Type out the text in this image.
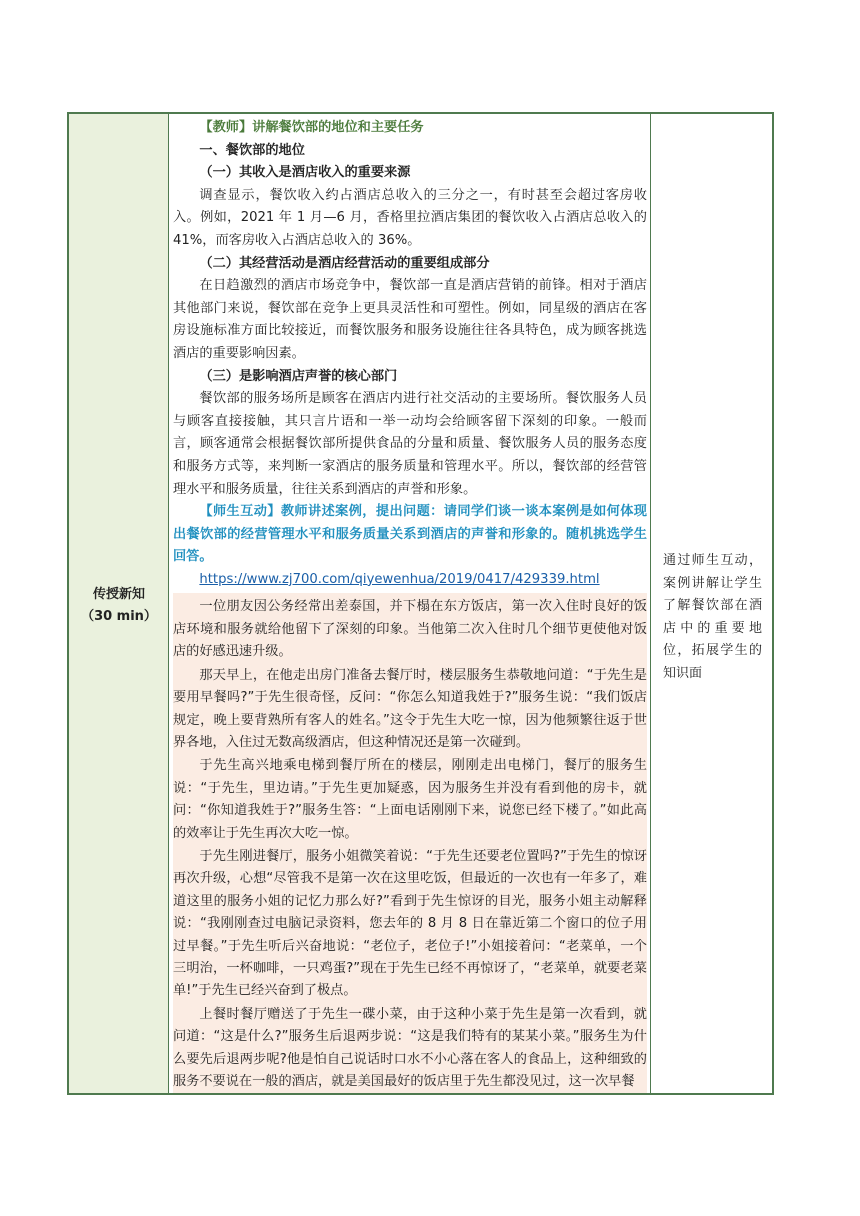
传授新知
（30 min）

【教师】讲解餐饮部的地位和主要任务

一、餐饮部的地位

（一）其收入是酒店收入的重要来源

调查显示，餐饮收入约占酒店总收入的三分之一，有时甚至会超过客房收入。例如，2021 年 1 月—6 月，香格里拉酒店集团的餐饮收入占酒店总收入的 41%，而客房收入占酒店总收入的 36%。

（二）其经营活动是酒店经营活动的重要组成部分

在日趋激烈的酒店市场竞争中，餐饮部一直是酒店营销的前锋。相对于酒店其他部门来说，餐饮部在竞争上更具灵活性和可塑性。例如，同星级的酒店在客房设施标准方面比较接近，而餐饮服务和服务设施往往各具特色，成为顾客挑选酒店的重要影响因素。

（三）是影响酒店声誉的核心部门

餐饮部的服务场所是顾客在酒店内进行社交活动的主要场所。餐饮服务人员与顾客直接接触，其只言片语和一举一动均会给顾客留下深刻的印象。一般而言，顾客通常会根据餐饮部所提供食品的分量和质量、餐饮服务人员的服务态度和服务方式等，来判断一家酒店的服务质量和管理水平。所以，餐饮部的经营管理水平和服务质量，往往关系到酒店的声誉和形象。

【师生互动】教师讲述案例，提出问题：请同学们谈一谈本案例是如何体现出餐饮部的经营管理水平和服务质量关系到酒店的声誉和形象的。随机挑选学生回答。

https://www.zj700.com/qiyewenhua/2019/0417/429339.html

一位朋友因公务经常出差泰国，并下榻在东方饭店，第一次入住时良好的饭店环境和服务就给他留下了深刻的印象。当他第二次入住时几个细节更使他对饭店的好感迅速升级。

那天早上，在他走出房门准备去餐厅时，楼层服务生恭敬地问道：“于先生是要用早餐吗?”于先生很奇怪，反问：“你怎么知道我姓于?”服务生说：“我们饭店规定，晚上要背熟所有客人的姓名。”这令于先生大吃一惊，因为他频繁往返于世界各地，入住过无数高级酒店，但这种情况还是第一次碰到。

于先生高兴地乘电梯到餐厅所在的楼层，刚刚走出电梯门，餐厅的服务生说：“于先生，里边请。”于先生更加疑惑，因为服务生并没有看到他的房卡，就问：“你知道我姓于?”服务生答：“上面电话刚刚下来，说您已经下楼了。”如此高的效率让于先生再次大吃一惊。

于先生刚进餐厅，服务小姐微笑着说：“于先生还要老位置吗?”于先生的惊讶再次升级，心想“尽管我不是第一次在这里吃饭，但最近的一次也有一年多了，难道这里的服务小姐的记忆力那么好?”看到于先生惊讶的目光，服务小姐主动解释说：“我刚刚查过电脑记录资料，您去年的 8 月 8 日在靠近第二个窗口的位子用过早餐。”于先生听后兴奋地说：“老位子，老位子!”小姐接着问：“老菜单，一个三明治，一杯咖啡，一只鸡蛋?”现在于先生已经不再惊讶了，“老菜单，就要老菜单!”于先生已经兴奋到了极点。

上餐时餐厅赠送了于先生一碟小菜，由于这种小菜于先生是第一次看到，就问道：“这是什么?”服务生后退两步说：“这是我们特有的某某小菜。”服务生为什么要先后退两步呢?他是怕自己说话时口水不小心落在客人的食品上，这种细致的服务不要说在一般的酒店，就是美国最好的饭店里于先生都没见过，这一次早餐

通过师生互动，案例讲解让学生了解餐饮部在酒店中的重要地位，拓展学生的知识面
